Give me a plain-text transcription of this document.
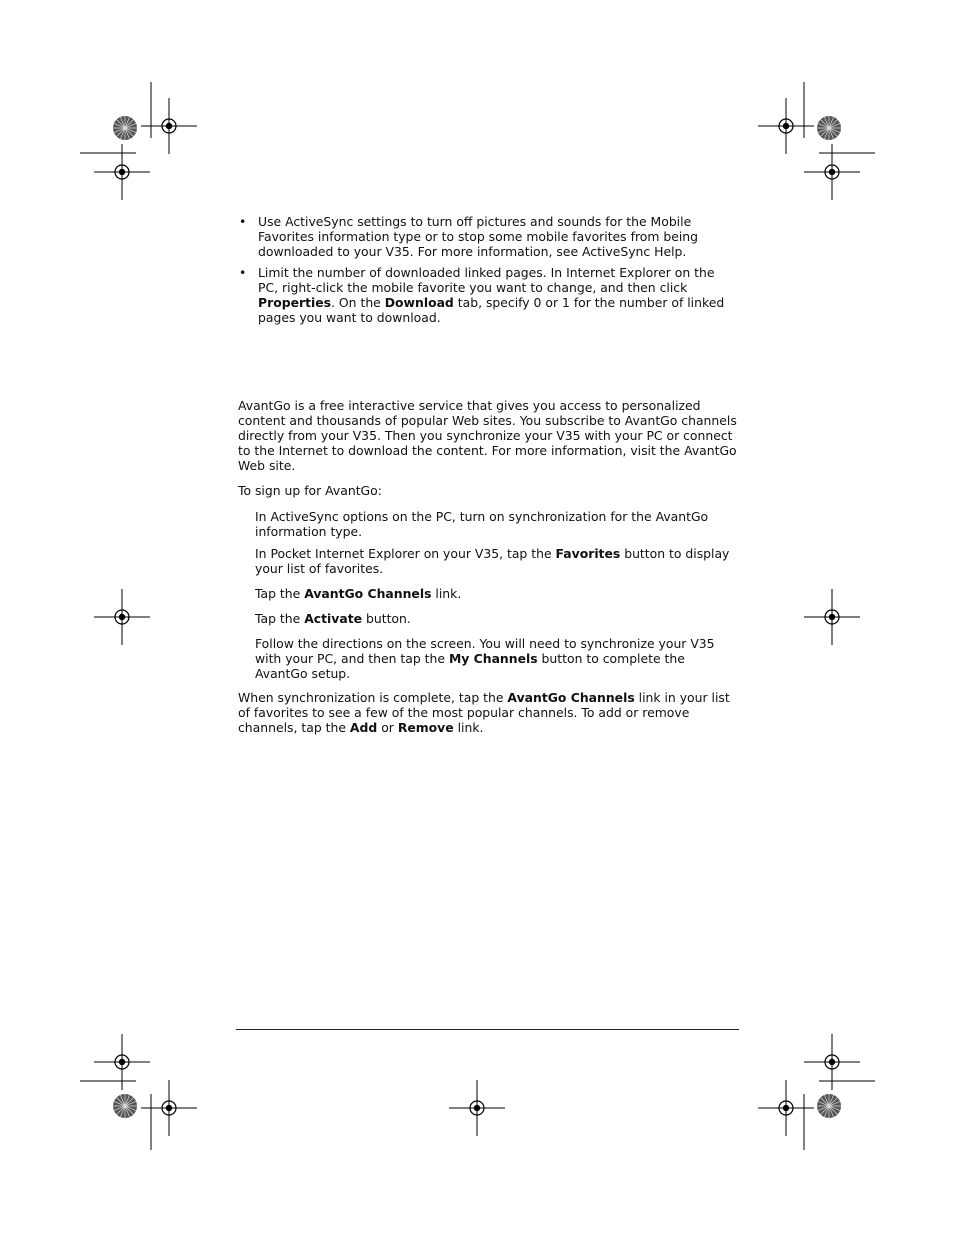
• Use ActiveSync settings to turn off pictures and sounds for the Mobile Favorites information type or to stop some mobile favorites from being downloaded to your V35. For more information, see ActiveSync Help.
• Limit the number of downloaded linked pages. In Internet Explorer on the PC, right-click the mobile favorite you want to change, and then click Properties. On the Download tab, specify 0 or 1 for the number of linked pages you want to download.

AvantGo is a free interactive service that gives you access to personalized content and thousands of popular Web sites. You subscribe to AvantGo channels directly from your V35. Then you synchronize your V35 with your PC or connect to the Internet to download the content. For more information, visit the AvantGo Web site.

To sign up for AvantGo:

In ActiveSync options on the PC, turn on synchronization for the AvantGo information type.

In Pocket Internet Explorer on your V35, tap the Favorites button to display your list of favorites.

Tap the AvantGo Channels link.

Tap the Activate button.

Follow the directions on the screen. You will need to synchronize your V35 with your PC, and then tap the My Channels button to complete the AvantGo setup.

When synchronization is complete, tap the AvantGo Channels link in your list of favorites to see a few of the most popular channels. To add or remove channels, tap the Add or Remove link.
